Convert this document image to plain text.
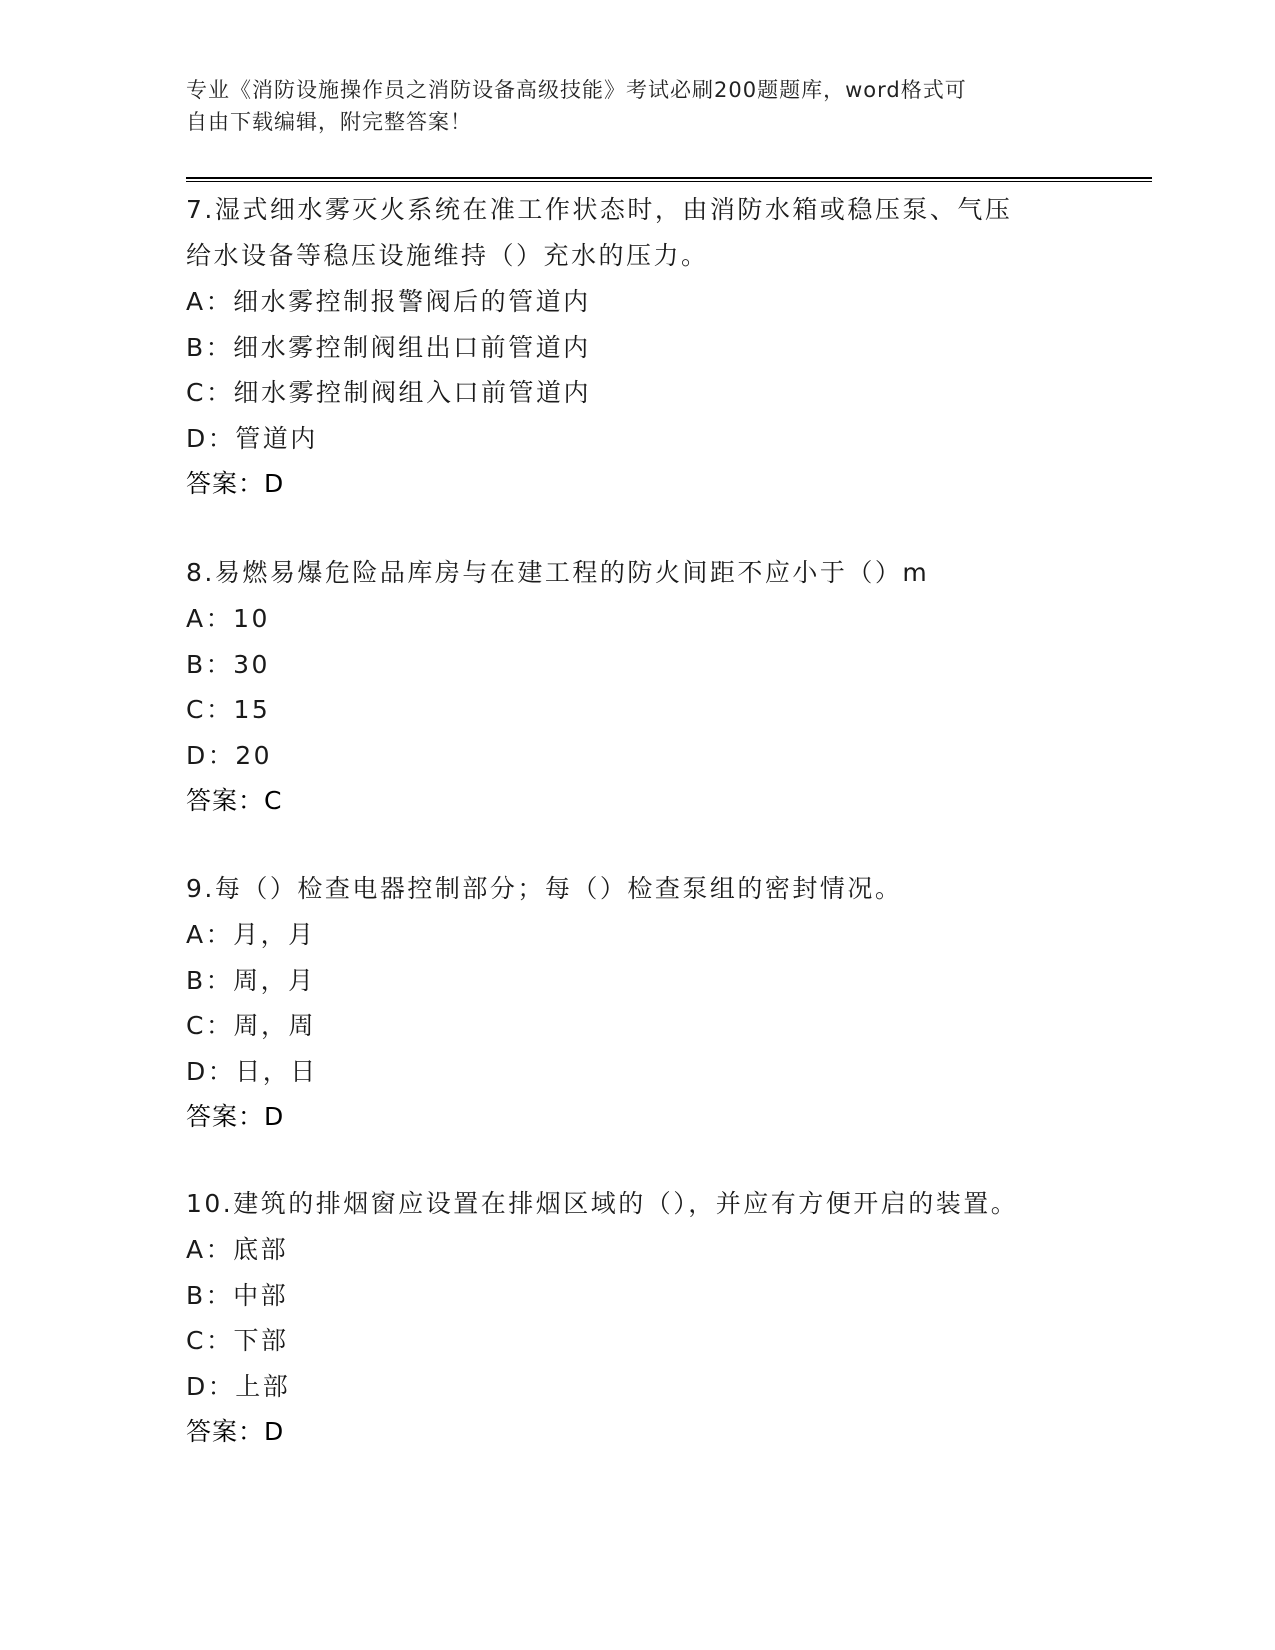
专业《消防设施操作员之消防设备高级技能》考试必刷200题题库，word格式可
自由下载编辑，附完整答案！
7.湿式细水雾灭火系统在准工作状态时，由消防水箱或稳压泵、气压
给水设备等稳压设施维持（）充水的压力。
A：细水雾控制报警阀后的管道内
B：细水雾控制阀组出口前管道内
C：细水雾控制阀组入口前管道内
D：管道内
答案：D
8.易燃易爆危险品库房与在建工程的防火间距不应小于（）m
A：10
B：30
C：15
D：20
答案：C
9.每（）检查电器控制部分；每（）检查泵组的密封情况。
A：月，月
B：周，月
C：周，周
D：日，日
答案：D
10.建筑的排烟窗应设置在排烟区域的（），并应有方便开启的装置。
A：底部
B：中部
C：下部
D：上部
答案：D
